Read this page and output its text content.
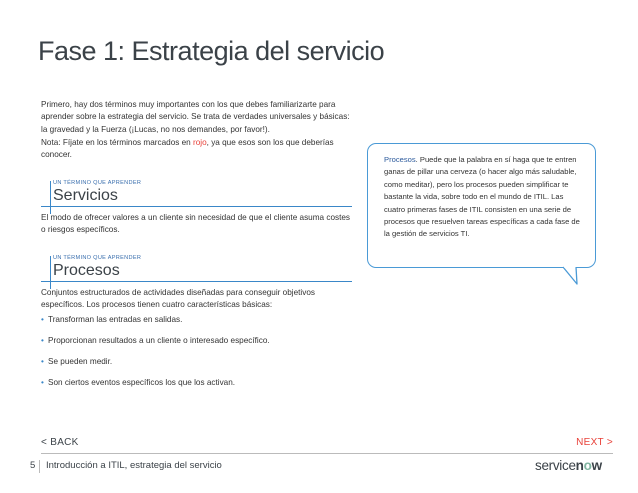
Fase 1: Estrategia del servicio

Primero, hay dos términos muy importantes con los que debes familiarizarte para aprender sobre la estrategia del servicio. Se trata de verdades universales y básicas: la gravedad y la Fuerza (¡Lucas, no nos demandes, por favor!).

Nota: Fíjate en los términos marcados en rojo, ya que esos son los que deberías conocer.

UN TÉRMINO QUE APRENDER
Servicios

El modo de ofrecer valores a un cliente sin necesidad de que el cliente asuma costes o riesgos específicos.

UN TÉRMINO QUE APRENDER
Procesos

Conjuntos estructurados de actividades diseñadas para conseguir objetivos específicos. Los procesos tienen cuatro características básicas:

• Transforman las entradas en salidas.
• Proporcionan resultados a un cliente o interesado específico.
• Se pueden medir.
• Son ciertos eventos específicos los que los activan.

Procesos. Puede que la palabra en sí haga que te entren ganas de pillar una cerveza (o hacer algo más saludable, como meditar), pero los procesos pueden simplificar te bastante la vida, sobre todo en el mundo de ITIL. Las cuatro primeras fases de ITIL consisten en una serie de procesos que resuelven tareas específicas a cada fase de la gestión de servicios TI.

< BACK	NEXT >
5 Introducción a ITIL, estrategia del servicio	servicenow
